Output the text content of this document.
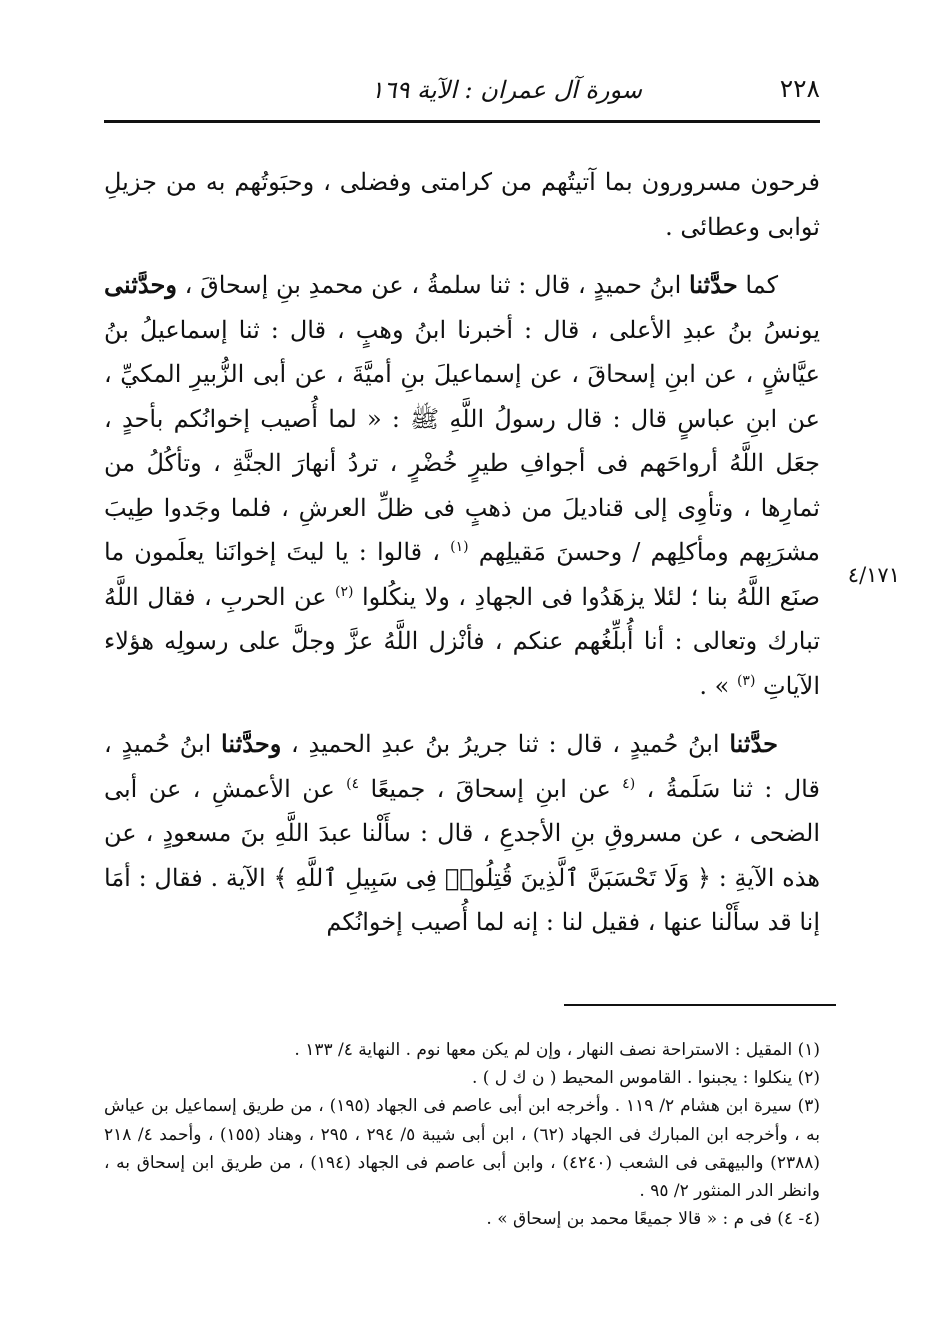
٢٢٨
سورة آل عمران : الآية ١٦٩
٤/١٧١

فرحون مسرورون بما آتيتُهم من كرامتى وفضلى ، وحبَوتُهم به من جزيلِ ثوابى وعطائى .

كما حدَّثنا ابنُ حميدٍ ، قال : ثنا سلمةُ ، عن محمدِ بنِ إسحاقَ ، وحدَّثنى يونسُ بنُ عبدِ الأعلى ، قال : أخبرنا ابنُ وهبٍ ، قال : ثنا إسماعيلُ بنُ عيَّاشٍ ، عن ابنِ إسحاقَ ، عن إسماعيلَ بنِ أميَّةَ ، عن أبى الزُّبيرِ المكيِّ ، عن ابنِ عباسٍ قال : قال رسولُ اللَّهِ ﷺ : « لما أُصيب إخوانُكم بأحدٍ ، جعَل اللَّهُ أرواحَهم فى أجوافِ طيرٍ خُضْرٍ ، تردُ أنهارَ الجنَّةِ ، وتأكُلُ من ثمارِها ، وتأوِى إلى قناديلَ من ذهبٍ فى ظلِّ العرشِ ، فلما وجَدوا طِيبَ مشرَبِهم ومأكلِهم / وحسنَ مَقيلِهم $^{(١)}$ ، قالوا : يا ليتَ إخوانَنا يعلَمون ما صنَع اللَّهُ بنا ؛ لئلا يزهَدُوا فى الجهادِ ، ولا ينكُلوا $^{(٢)}$ عن الحربِ ، فقال اللَّهُ تبارك وتعالى : أنا أُبلِّغُهم عنكم ، فأنْزل اللَّهُ عزَّ وجلَّ على رسولِه هؤلاء الآياتِ $^{(٣)}$ » .

حدَّثنا ابنُ حُميدٍ ، قال : ثنا جريرُ بنُ عبدِ الحميدِ ، وحدَّثنا ابنُ حُميدٍ ، قال : ثنا سَلَمةُ ، $^{(٤}$ عن ابنِ إسحاقَ ، جميعًا $^{٤)}$ عن الأعمشِ ، عن أبى الضحى ، عن مسروقِ بنِ الأجدعِ ، قال : سأَلْنا عبدَ اللَّهِ بنَ مسعودٍ ، عن هذه الآيةِ : ﴿ وَلَا تَحْسَبَنَّ ٱلَّذِينَ قُتِلُوا۟ فِى سَبِيلِ ٱللَّهِ ﴾ الآية . فقال : أمَا إنا قد سأَلْنا عنها ، فقيل لنا : إنه لما أُصيب إخوانُكم

(١) المقيل : الاستراحة نصف النهار ، وإن لم يكن معها نوم . النهاية ٤/ ١٣٣ .

(٢) ينكلوا : يجبنوا . القاموس المحيط ( ن ك ل ) .

(٣) سيرة ابن هشام ٢/ ١١٩ . وأخرجه ابن أبى عاصم فى الجهاد (١٩٥) ، من طريق إسماعيل بن عياش به ، وأخرجه ابن المبارك فى الجهاد (٦٢) ، ابن أبى شيبة ٥/ ٢٩٤ ، ٢٩٥ ، وهناد (١٥٥) ، وأحمد ٤/ ٢١٨ (٢٣٨٨) والبيهقى فى الشعب (٤٢٤٠) ، وابن أبى عاصم فى الجهاد (١٩٤) ، من طريق ابن إسحاق به ، وانظر الدر المنثور ٢/ ٩٥ .

(٤- ٤) فى م : « قالا جميعًا محمد بن إسحاق » .
